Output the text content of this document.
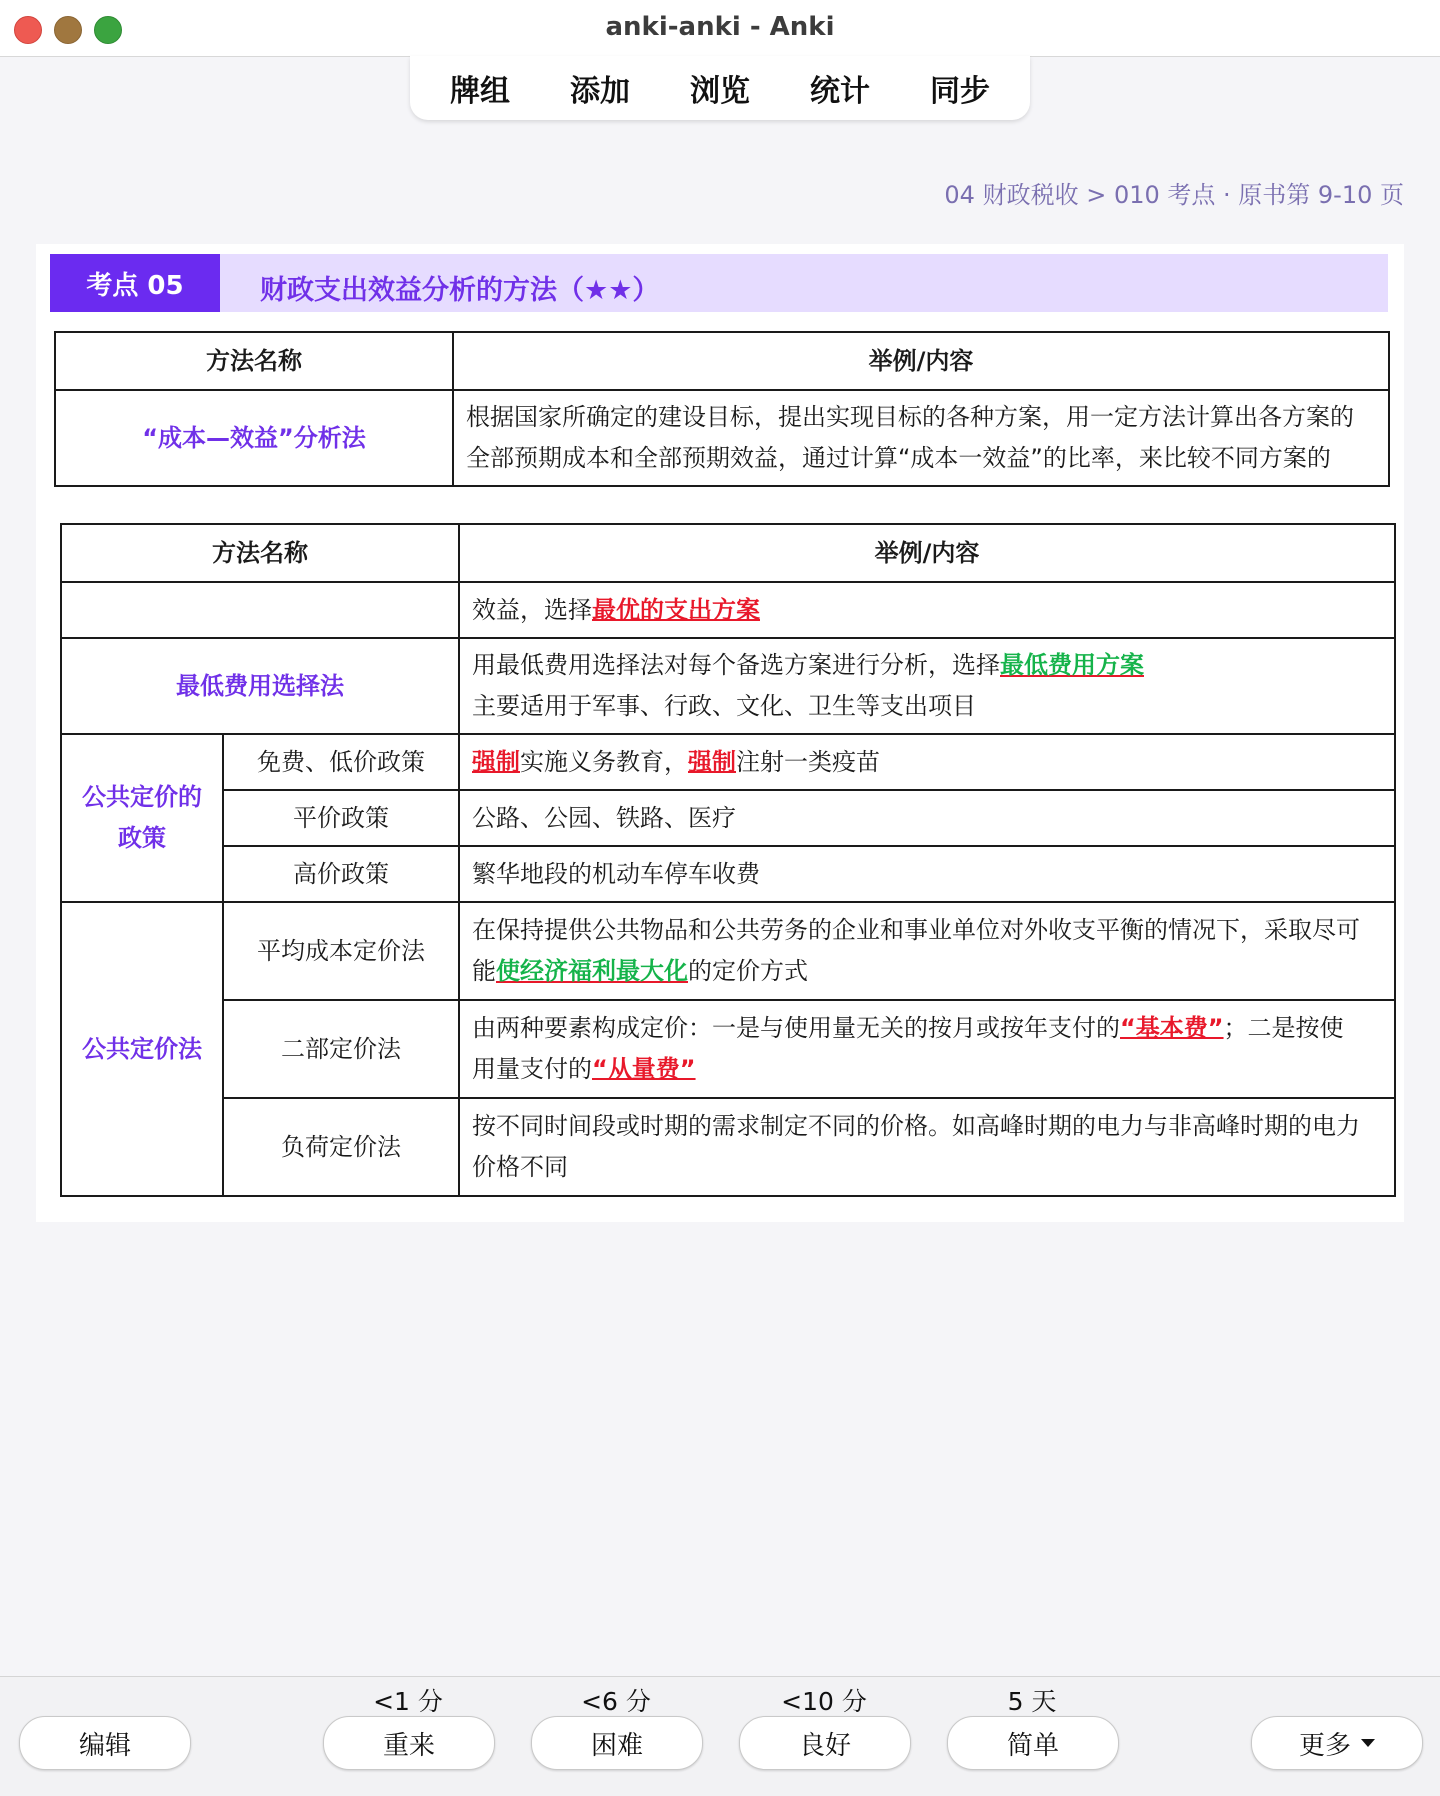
anki-anki - Anki
牌组	添加	浏览	统计	同步
04 财政税收 > 010 考点 · 原书第 9-10 页
考点 05	财政支出效益分析的方法（★★）
方法名称	举例/内容
“成本—效益”分析法	根据国家所确定的建设目标，提出实现目标的各种方案，用一定方法计算出各方案的
全部预期成本和全部预期效益，通过计算“成本一效益”的比率，来比较不同方案的
方法名称		举例/内容
		效益，选择最优的支出方案
最低费用选择法		用最低费用选择法对每个备选方案进行分析，选择最低费用方案
主要适用于军事、行政、文化、卫生等支出项目

公共定价的政策	免费、低价政策	强制实施义务教育，强制注射一类疫苗
	平价政策	公路、公园、铁路、医疗
	高价政策	繁华地段的机动车停车收费
公共定价法	平均成本定价法	在保持提供公共物品和公共劳务的企业和事业单位对外收支平衡的情况下，采取尽可
能使经济福利最大化的定价方式

	二部定价法	由两种要素构成定价：一是与使用量无关的按月或按年支付的“基本费”；二是按使
用量支付的“从量费”

	负荷定价法	按不同时间段或时期的需求制定不同的价格。如高峰时期的电力与非高峰时期的电力
价格不同
<1 分	<6 分	<10 分	5 天
编辑	重来	困难	良好	简单	更多
